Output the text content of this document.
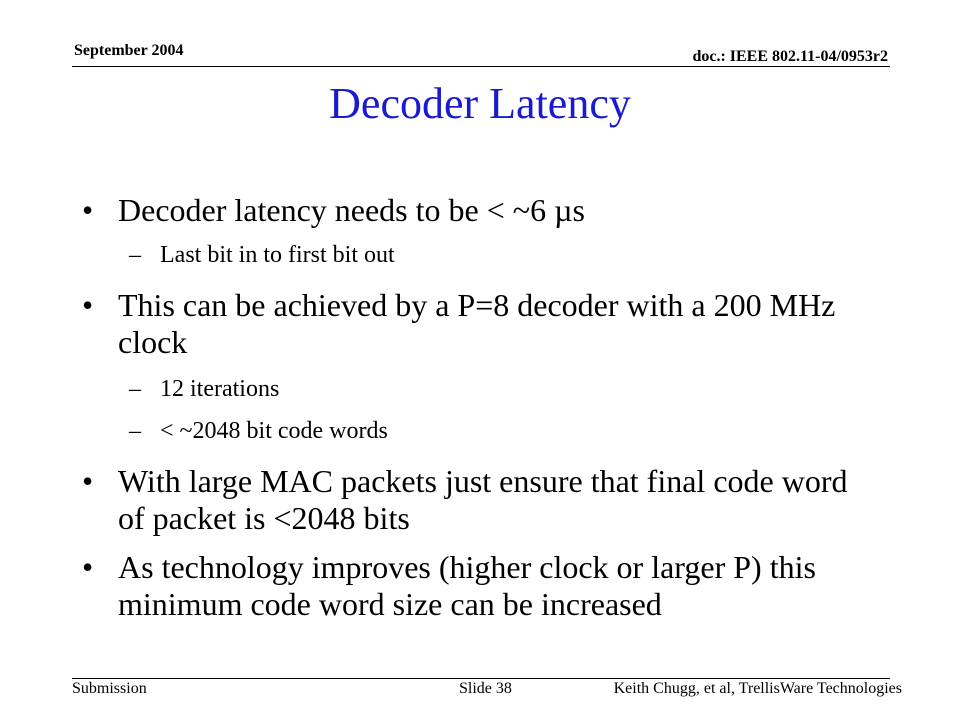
September 2004	doc.: IEEE 802.11-04/0953r2
Decoder Latency
• Decoder latency needs to be < ~6 µs
– Last bit in to first bit out
• This can be achieved by a P=8 decoder with a 200 MHz clock
– 12 iterations
– < ~2048 bit code words
• With large MAC packets just ensure that final code word of packet is <2048 bits
• As technology improves (higher clock or larger P) this minimum code word size can be increased
Submission	Slide 38	Keith Chugg, et al, TrellisWare Technologies
